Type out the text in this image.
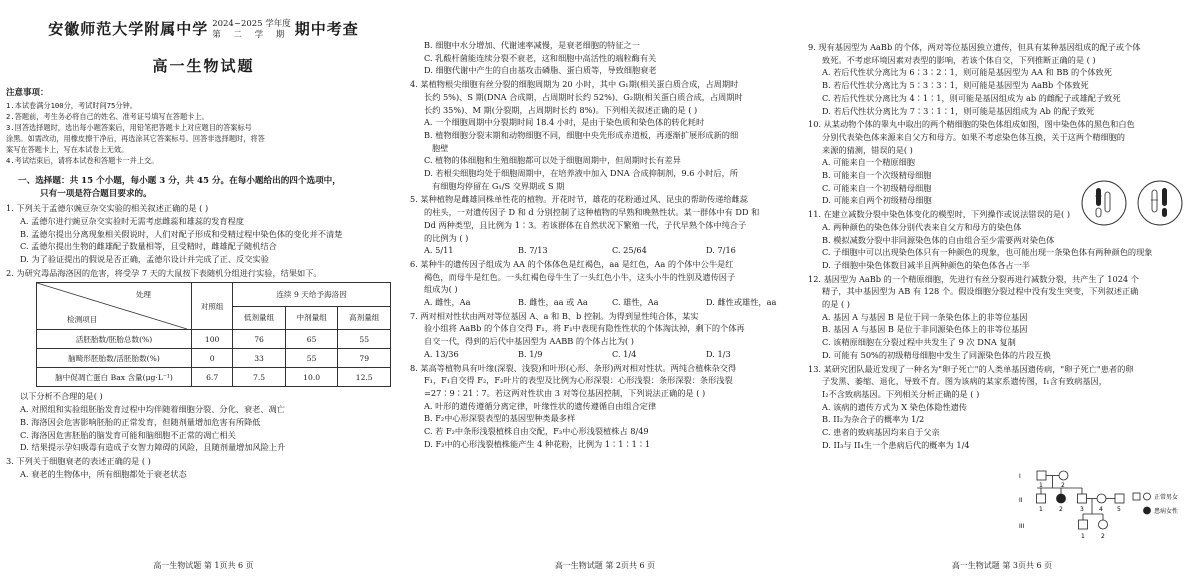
安徽师范大学附属中学 2024~2025 学年度
第 二 学 期 期中考查
高一生物试题
注意事项：
1.本试卷满分100分，考试时间75分钟。
2.答题前，考生务必将自己的姓名、准考证号填写在答题卡上。
3.回答选择题时，选出每小题答案后，用铅笔把答题卡上对应题目的答案标号
涂黑。如需改动，用橡皮擦干净后，再选涂其它答案标号。回答非选择题时，将答
案写在答题卡上，写在本试卷上无效。
4.考试结束后，请将本试卷和答题卡一并上交。
一、选择题：共 15 个小题，每小题 3 分，共 45 分。在每小题给出的四个选项中，
只有一项是符合题目要求的。
1. 下列关于孟德尔豌豆杂交实验的相关叙述正确的是 ( )
A. 孟德尔进行豌豆杂交实验时无需考虑雌蕊和雄蕊的发育程度
B. 孟德尔提出分离现象相关假说时，人们对配子形成和受精过程中染色体的变化并不清楚
C. 孟德尔提出生物的雌雄配子数量相等，且受精时，雌雄配子随机结合
D. 为了验证提出的假说是否正确，孟德尔设计并完成了正、反交实验
2. 为研究毒品海洛因的危害，将受孕 7 天的大鼠按下表随机分组进行实验，结果如下。
处理
检测项目	对照组	连续 9 天给予海洛因		
		低剂量组	中剂量组	高剂量组
活胚胎数/胚胎总数(%)	100	76	65	55
脑畸形胚胎数/活胚胎数(%)	0	33	55	79
脑中促凋亡蛋白 Bax 含量(μg·L⁻¹)	6.7	7.5	10.0	12.5
以下分析不合理的是( )
A. 对照组和实验组胚胎发育过程中均伴随着细胞分裂、分化、衰老、凋亡
B. 海洛因会危害影响胚胎的正常发育，但随剂量增加危害有所降低
C. 海洛因危害胚胎的脑发育可能和脑细胞不正常的凋亡相关
D. 结果提示孕妇吸毒有造成子女智力障碍的风险，且随剂量增加风险上升
3. 下列关于细胞衰老的表述正确的是 ( )
A. 衰老的生物体中，所有细胞都处于衰老状态
高一生物试题 第 1页共 6 页
B. 细胞中水分增加、代谢速率减慢，是衰老细胞的特征之一
C. 乳酸杆菌能连续分裂不衰老，这和细胞中高活性的端粒酶有关
D. 细胞代谢中产生的自由基攻击磷脂、蛋白质等，导致细胞衰老
4. 某植物根尖细胞有丝分裂的细胞周期为 20 小时，其中 G₁期(相关蛋白质合成，占周期时
长约 5%)、S 期(DNA 合成期，占周期时长约 52%)、G₂期(相关蛋白质合成，占周期时
长约 35%)、M 期(分裂期，占周期时长约 8%)。下列相关叙述正确的是 ( )
A. 一个细胞周期中分裂期时间 18.4 小时，是由于染色质和染色体的转化耗时
B. 植物细胞分裂末期和动物细胞不同，细胞中央先形成赤道板，再逐渐扩展形成新的细
胞壁
C. 植物的体细胞和生殖细胞都可以处于细胞周期中，但周期时长有差异
D. 若根尖细胞均处于细胞周期中，在培养液中加入 DNA 合成抑制剂，9.6 小时后，所
有细胞均停留在 G₁/S 交界期或 S 期
5. 某种植物是雌雄同株单性花的植物。开花时节，雄花的花粉通过风、昆虫的帮助传递给雌蕊
的柱头，一对遗传因子 D 和 d 分别控制了这种植物的早熟和晚熟性状。某一群体中有 DD 和
Dd 两种类型，且比例为 1∶3。若该群体在自然状况下繁殖一代，子代早熟个体中纯合子
的比例为 ( )
A. 5/11	B. 7/13	C. 25/64	D. 7/16
6. 某种牛的遗传因子组成为 AA 的个体体色是红褐色，aa 是红色，Aa 的个体中公牛是红
褐色，而母牛是红色。一头红褐色母牛生了一头红色小牛，这头小牛的性别及遗传因子
组成为( )
A. 雌性，Aa	B. 雌性，aa 或 Aa	C. 雄性，Aa	D. 雌性或雄性，aa
7. 两对相对性状由两对等位基因 A、a 和 B、b 控制。为得到显性纯合体，某实
验小组将 AaBb 的个体自交得 F₁，将 F₁中表现有隐性性状的个体淘汰掉，剩下的个体再
自交一代，得到的后代中基因型为 AABB 的个体占比为( )
A. 13/36	B. 1/9	C. 1/4	D. 1/3
8. 某高等植物具有叶缘(深裂、浅裂)和叶形(心形、条形)两对相对性状。两纯合植株杂交得
F₁，F₁自交得 F₂，F₂叶片的表型及比例为心形深裂：心形浅裂：条形深裂：条形浅裂
=27∶9∶21∶7。若这两对性状由 3 对等位基因控制，下列说法正确的是 ( )
A. 叶形的遗传遵循分离定律，叶缘性状的遗传遵循自由组合定律
B. F₂中心形深裂表型的基因型种类最多样
C. 若 F₂中条形浅裂植株自由交配，F₃中心形浅裂植株占 8/49
D. F₂中的心形浅裂植株能产生 4 种花粉，比例为 1∶1∶1∶1
高一生物试题 第 2页共 6 页
9. 现有基因型为 AaBb 的个体，两对等位基因独立遗传，但具有某种基因组成的配子或个体
致死。不考虑环境因素对表型的影响，若该个体自交，下列推断正确的是 ( )
A. 若后代性状分离比为 6∶3∶2∶1，则可能是基因型为 AA 和 BB 的个体致死
B. 若后代性状分离比为 5∶3∶3∶1，则可能是基因型为 AaBb 个体致死
C. 若后代性状分离比为 4∶1∶1，则可能是基因组成为 ab 的雌配子或雄配子致死
D. 若后代性状分离比为 7∶3∶1∶1，则可能是基因组成为 Ab 的配子致死
10. 从某动物个体的睾丸中取出的两个精细胞的染色体组成如图，图中染色体的黑色和白色
分别代表染色体来源来自父方和母方。如果不考虑染色体互换，关于这两个精细胞的
来源的猜测，错误的是( )
A. 可能来自一个精原细胞
B. 可能来自一个次级精母细胞
C. 可能来自一个初级精母细胞
D. 可能来自两个初级精母细胞
11. 在建立减数分裂中染色体变化的模型时，下列操作或说法错误的是( )
A. 两种颜色的染色体分别代表来自父方和母方的染色体
B. 模拟减数分裂中非同源染色体的自由组合至少需要两对染色体
C. 子细胞中可以出现染色体只有一种颜色的现象，也可能出现一条染色体有两种颜色的现象
D. 子细胞中染色体数目减半且两种颜色的染色体各占一半
12. 基因型为 AaBb 的一个精原细胞，先进行有丝分裂再进行减数分裂，共产生了 1024 个
精子，其中基因型为 AB 有 128 个。假设细胞分裂过程中没有发生突变，下列叙述正确
的是 ( )
A. 基因 A 与基因 B 是位于同一条染色体上的非等位基因
B. 基因 A 与基因 B 是位于非同源染色体上的非等位基因
C. 该精原细胞在分裂过程中共发生了 9 次 DNA 复制
D. 可能有 50%的初级精母细胞中发生了同源染色体的片段互换
13. 某研究团队最近发现了一种名为"卵子死亡"的人类单基因遗传病，"卵子死亡"患者的卵
子发黑、萎缩、退化，导致不育。图为该病的某家系遗传图，I₁含有致病基因，
I₂不含致病基因。下列相关分析正确的是 ( )
A. 该病的遗传方式为 X 染色体隐性遗传
B. II₂为杂合子的概率为 1/2
C. 患者的致病基因均来自于父亲
D. II₃与 II₄生一个患病后代的概率为 1/4
I
II
III
1	2
1	2	3	4 5
1	2
正常男女
患病女性
高一生物试题 第 3页共 6 页
